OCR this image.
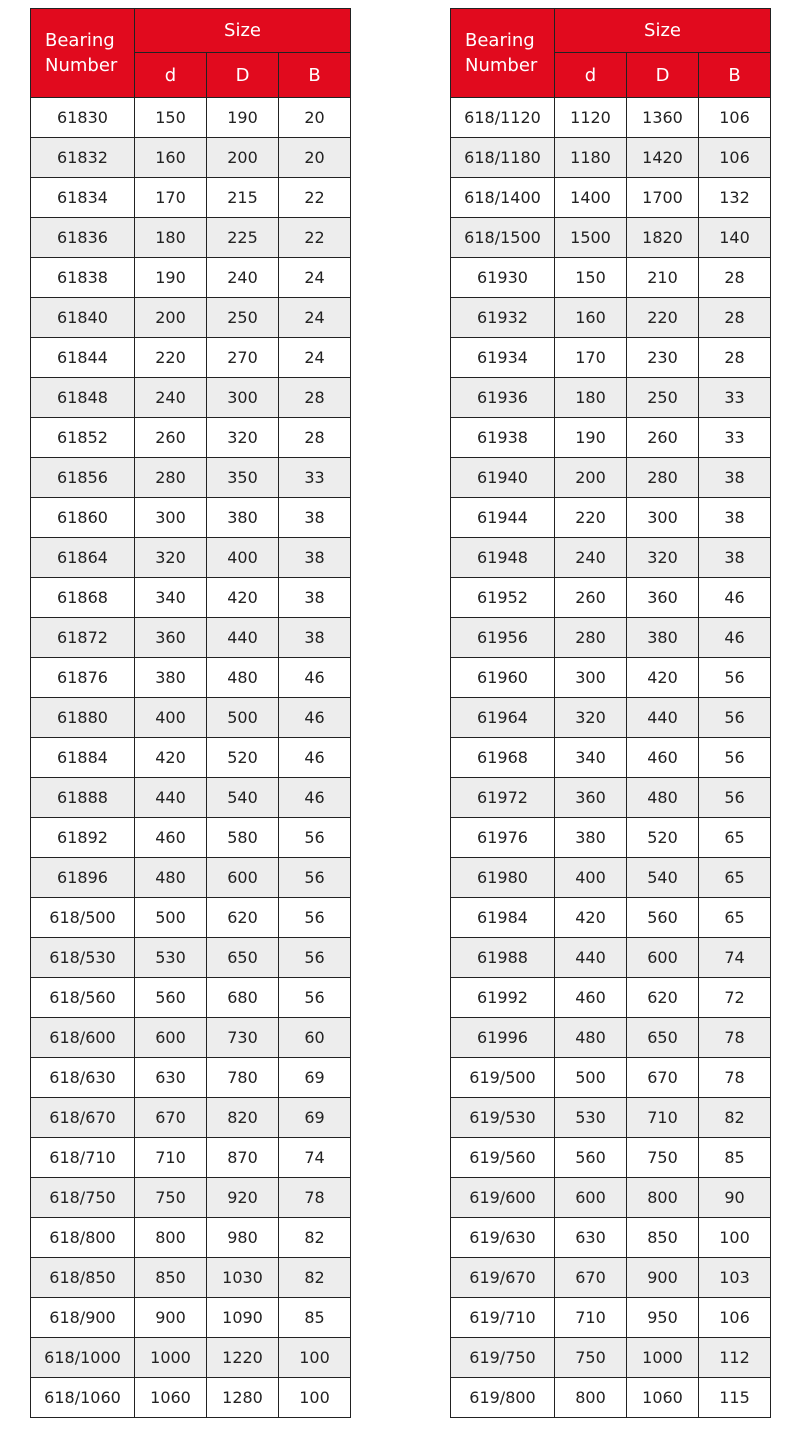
Bearing
Number	Size		
	d	D	B
61830	150	190	20
61832	160	200	20
61834	170	215	22
61836	180	225	22
61838	190	240	24
61840	200	250	24
61844	220	270	24
61848	240	300	28
61852	260	320	28
61856	280	350	33
61860	300	380	38
61864	320	400	38
61868	340	420	38
61872	360	440	38
61876	380	480	46
61880	400	500	46
61884	420	520	46
61888	440	540	46
61892	460	580	56
61896	480	600	56
618/500	500	620	56
618/530	530	650	56
618/560	560	680	56
618/600	600	730	60
618/630	630	780	69
618/670	670	820	69
618/710	710	870	74
618/750	750	920	78
618/800	800	980	82
618/850	850	1030	82
618/900	900	1090	85
618/1000	1000	1220	100
618/1060	1060	1280	100
Bearing
Number	Size		
	d	D	B
618/1120	1120	1360	106
618/1180	1180	1420	106
618/1400	1400	1700	132
618/1500	1500	1820	140
61930	150	210	28
61932	160	220	28
61934	170	230	28
61936	180	250	33
61938	190	260	33
61940	200	280	38
61944	220	300	38
61948	240	320	38
61952	260	360	46
61956	280	380	46
61960	300	420	56
61964	320	440	56
61968	340	460	56
61972	360	480	56
61976	380	520	65
61980	400	540	65
61984	420	560	65
61988	440	600	74
61992	460	620	72
61996	480	650	78
619/500	500	670	78
619/530	530	710	82
619/560	560	750	85
619/600	600	800	90
619/630	630	850	100
619/670	670	900	103
619/710	710	950	106
619/750	750	1000	112
619/800	800	1060	115
